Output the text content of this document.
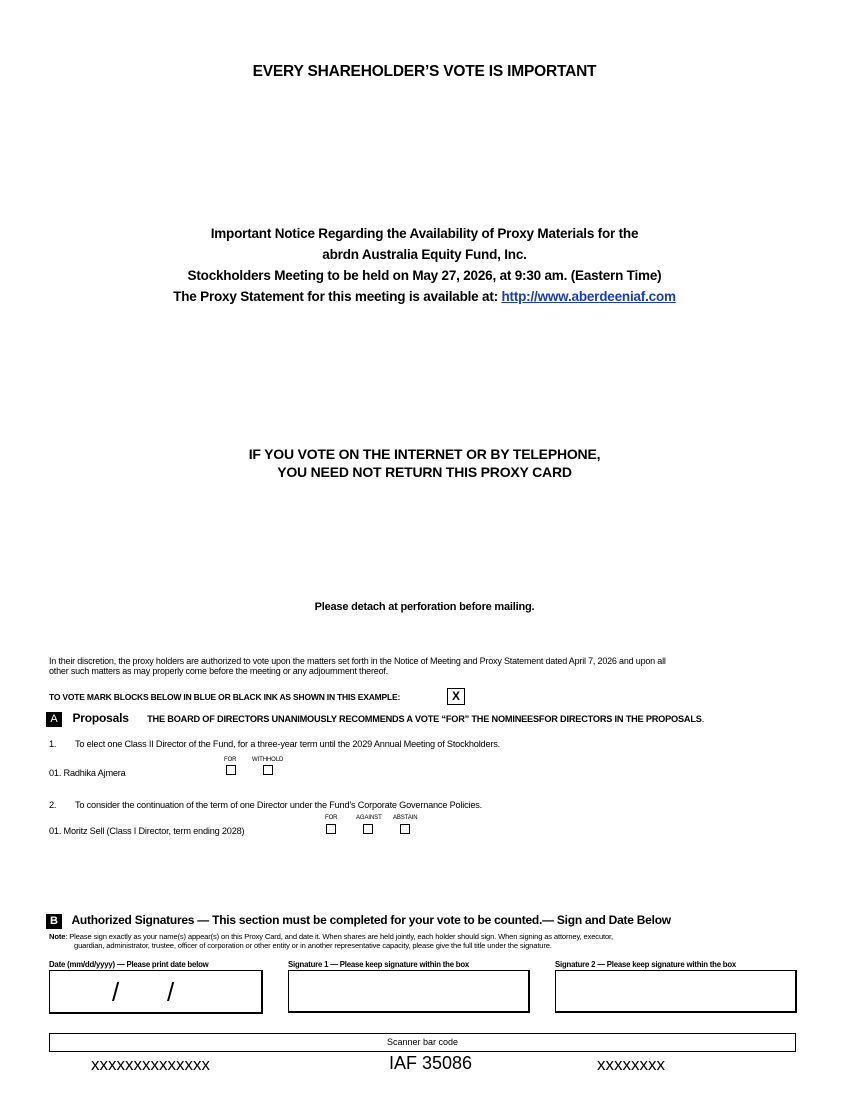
EVERY SHAREHOLDER’S VOTE IS IMPORTANT
Important Notice Regarding the Availability of Proxy Materials for the
abrdn Australia Equity Fund, Inc.
Stockholders Meeting to be held on May 27, 2026, at 9:30 am. (Eastern Time)
The Proxy Statement for this meeting is available at: http://www.aberdeeniaf.com
IF YOU VOTE ON THE INTERNET OR BY TELEPHONE,
YOU NEED NOT RETURN THIS PROXY CARD
Please detach at perforation before mailing.
In their discretion, the proxy holders are authorized to vote upon the matters set forth in the Notice of Meeting and Proxy Statement dated April 7, 2026 and upon all
other such matters as may properly come before the meeting or any adjournment thereof.
TO VOTE MARK BLOCKS BELOW IN BLUE OR BLACK INK AS SHOWN IN THIS EXAMPLE:	X
A Proposals THE BOARD OF DIRECTORS UNANIMOUSLY RECOMMENDS A VOTE “FOR” THE NOMINEESFOR DIRECTORS IN THE PROPOSALS.
1. To elect one Class II Director of the Fund, for a three-year term until the 2029 Annual Meeting of Stockholders.
FOR	WITHHOLD
01. Radhika Ajmera
2. To consider the continuation of the term of one Director under the Fund’s Corporate Governance Policies.
FOR	AGAINST ABSTAIN
01. Moritz Sell (Class I Director, term ending 2028)
B Authorized Signatures — This section must be completed for your vote to be counted.— Sign and Date Below
Note: Please sign exactly as your name(s) appear(s) on this Proxy Card, and date it. When shares are held jointly, each holder should sign. When signing as attorney, executor,
guardian, administrator, trustee, officer of corporation or other entity or in another representative capacity, please give the full title under the signature.
Date (mm/dd/yyyy) — Please print date below	Signature 1 — Please keep signature within the box	Signature 2 — Please keep signature within the box
/ /
Scanner bar code
xxxxxxxxxxxxxx	IAF 35086	xxxxxxxx
